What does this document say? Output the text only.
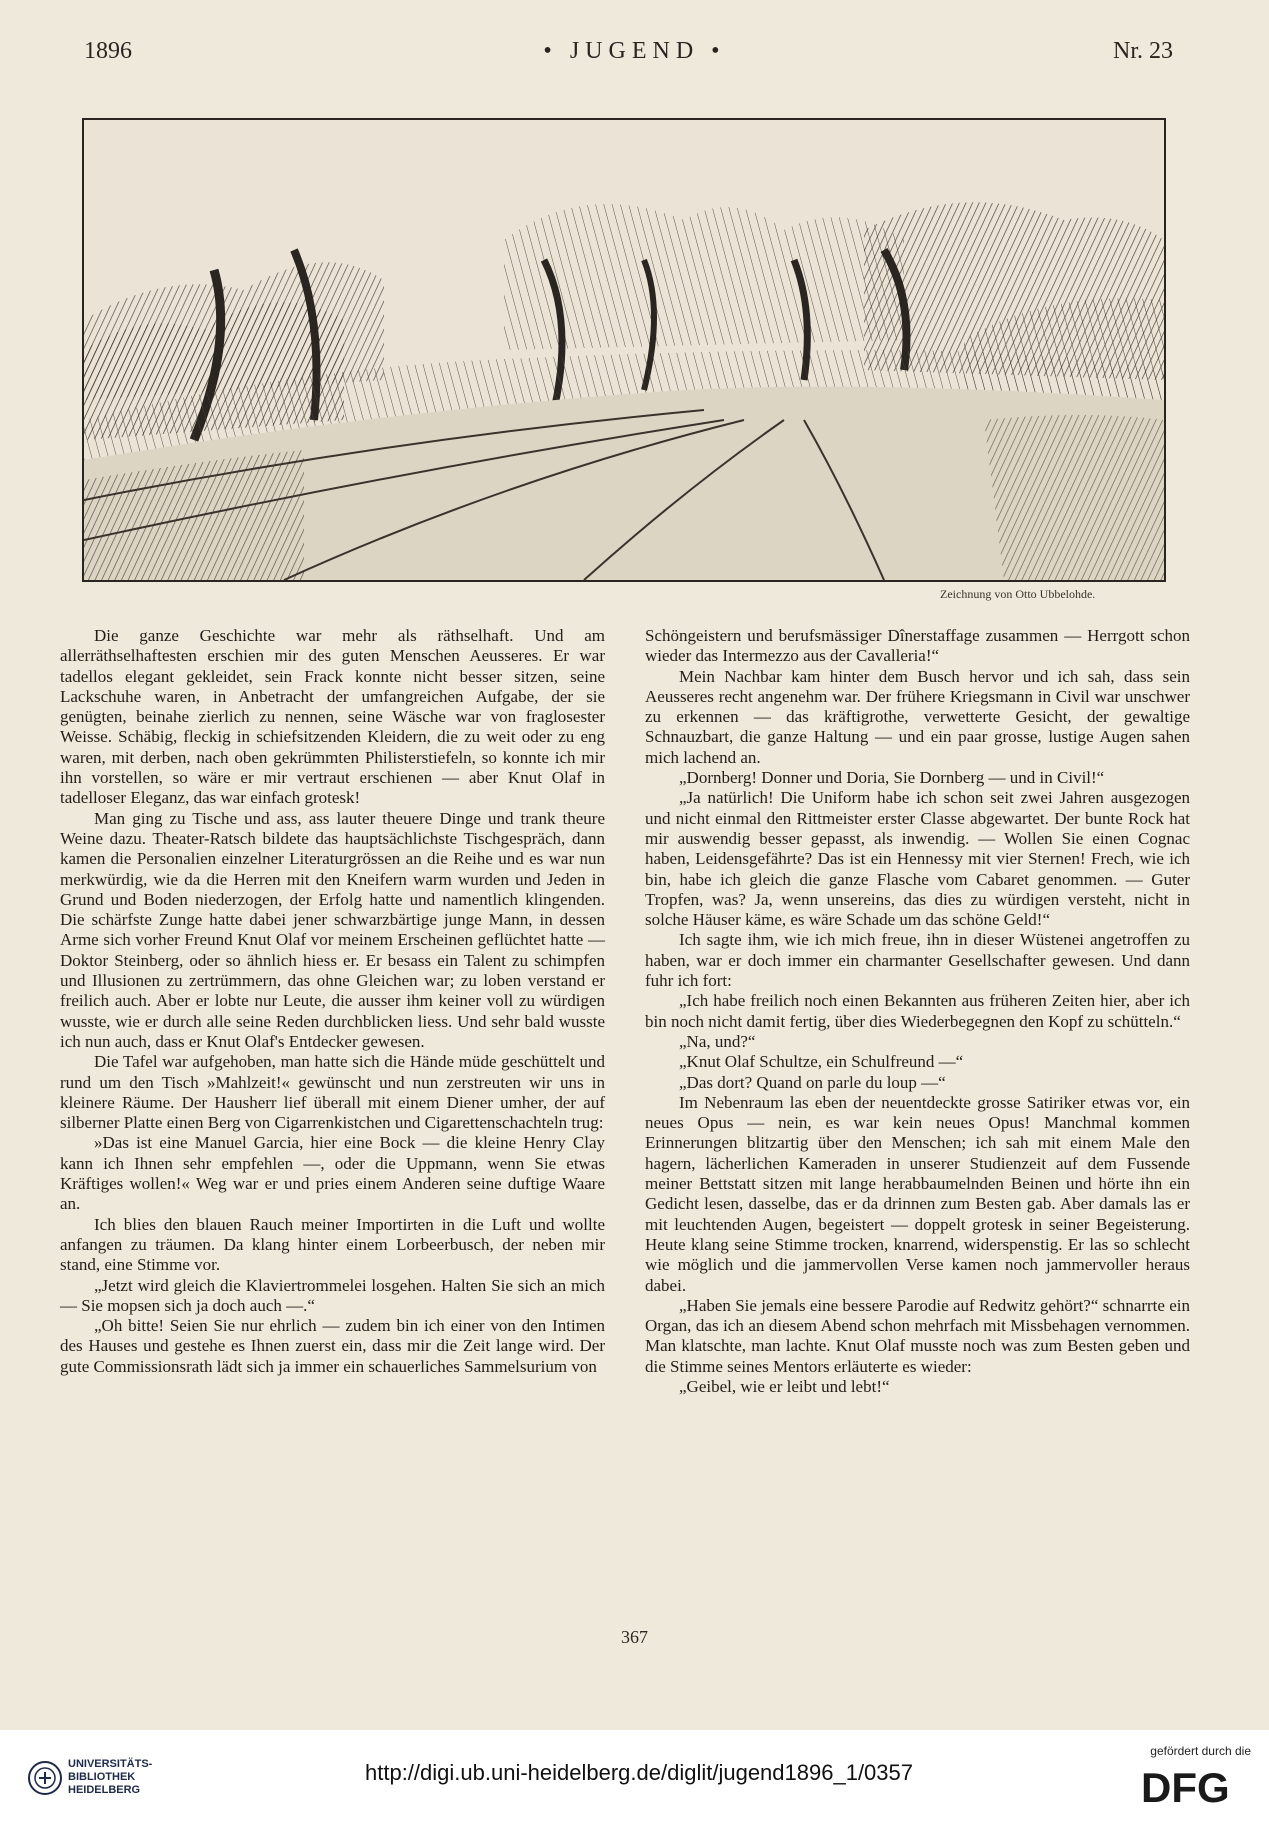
1896	• JUGEND •	Nr. 23
Zeichnung von Otto Ubbelohde.

Die ganze Geschichte war mehr als räthselhaft. Und am allerräthselhaftesten erschien mir des guten Menschen Aeusseres. Er war tadellos elegant gekleidet, sein Frack konnte nicht besser sitzen, seine Lackschuhe waren, in Anbetracht der umfangreichen Aufgabe, der sie genügten, beinahe zierlich zu nennen, seine Wäsche war von fraglosester Weisse. Schäbig, fleckig in schiefsitzenden Kleidern, die zu weit oder zu eng waren, mit derben, nach oben gekrümmten Philisterstiefeln, so konnte ich mir ihn vorstellen, so wäre er mir vertraut erschienen — aber Knut Olaf in tadelloser Eleganz, das war einfach grotesk!

Man ging zu Tische und ass, ass lauter theuere Dinge und trank theure Weine dazu. Theater-Ratsch bildete das hauptsächlichste Tischgespräch, dann kamen die Personalien einzelner Literaturgrössen an die Reihe und es war nun merkwürdig, wie da die Herren mit den Kneifern warm wurden und Jeden in Grund und Boden niederzogen, der Erfolg hatte und namentlich klingenden. Die schärfste Zunge hatte dabei jener schwarzbärtige junge Mann, in dessen Arme sich vorher Freund Knut Olaf vor meinem Erscheinen geflüchtet hatte — Doktor Steinberg, oder so ähnlich hiess er. Er besass ein Talent zu schimpfen und Illusionen zu zertrümmern, das ohne Gleichen war; zu loben verstand er freilich auch. Aber er lobte nur Leute, die ausser ihm keiner voll zu würdigen wusste, wie er durch alle seine Reden durchblicken liess. Und sehr bald wusste ich nun auch, dass er Knut Olaf's Entdecker gewesen.

Die Tafel war aufgehoben, man hatte sich die Hände müde geschüttelt und rund um den Tisch »Mahlzeit!« gewünscht und nun zerstreuten wir uns in kleinere Räume. Der Hausherr lief überall mit einem Diener umher, der auf silberner Platte einen Berg von Cigarrenkistchen und Cigarettenschachteln trug:

»Das ist eine Manuel Garcia, hier eine Bock — die kleine Henry Clay kann ich Ihnen sehr empfehlen —, oder die Uppmann, wenn Sie etwas Kräftiges wollen!« Weg war er und pries einem Anderen seine duftige Waare an.

Ich blies den blauen Rauch meiner Importirten in die Luft und wollte anfangen zu träumen. Da klang hinter einem Lorbeerbusch, der neben mir stand, eine Stimme vor.

„Jetzt wird gleich die Klaviertrommelei losgehen. Halten Sie sich an mich — Sie mopsen sich ja doch auch —.“

„Oh bitte! Seien Sie nur ehrlich — zudem bin ich einer von den Intimen des Hauses und gestehe es Ihnen zuerst ein, dass mir die Zeit lange wird. Der gute Commissionsrath lädt sich ja immer ein schauerliches Sammelsurium von

Schöngeistern und berufsmässiger Dînerstaffage zusammen — Herrgott schon wieder das Intermezzo aus der Cavalleria!“

Mein Nachbar kam hinter dem Busch hervor und ich sah, dass sein Aeusseres recht angenehm war. Der frühere Kriegsmann in Civil war unschwer zu erkennen — das kräftigrothe, verwetterte Gesicht, der gewaltige Schnauzbart, die ganze Haltung — und ein paar grosse, lustige Augen sahen mich lachend an.

„Dornberg! Donner und Doria, Sie Dornberg — und in Civil!“

„Ja natürlich! Die Uniform habe ich schon seit zwei Jahren ausgezogen und nicht einmal den Rittmeister erster Classe abgewartet. Der bunte Rock hat mir auswendig besser gepasst, als inwendig. — Wollen Sie einen Cognac haben, Leidensgefährte? Das ist ein Hennessy mit vier Sternen! Frech, wie ich bin, habe ich gleich die ganze Flasche vom Cabaret genommen. — Guter Tropfen, was? Ja, wenn unsereins, das dies zu würdigen versteht, nicht in solche Häuser käme, es wäre Schade um das schöne Geld!“

Ich sagte ihm, wie ich mich freue, ihn in dieser Wüstenei angetroffen zu haben, war er doch immer ein charmanter Gesellschafter gewesen. Und dann fuhr ich fort:

„Ich habe freilich noch einen Bekannten aus früheren Zeiten hier, aber ich bin noch nicht damit fertig, über dies Wiederbegegnen den Kopf zu schütteln.“

„Na, und?“

„Knut Olaf Schultze, ein Schulfreund —“

„Das dort? Quand on parle du loup —“

Im Nebenraum las eben der neuentdeckte grosse Satiriker etwas vor, ein neues Opus — nein, es war kein neues Opus! Manchmal kommen Erinnerungen blitzartig über den Menschen; ich sah mit einem Male den hagern, lächerlichen Kameraden in unserer Studienzeit auf dem Fussende meiner Bettstatt sitzen mit lange herabbaumelnden Beinen und hörte ihn ein Gedicht lesen, dasselbe, das er da drinnen zum Besten gab. Aber damals las er mit leuchtenden Augen, begeistert — doppelt grotesk in seiner Begeisterung. Heute klang seine Stimme trocken, knarrend, widerspenstig. Er las so schlecht wie möglich und die jammervollen Verse kamen noch jammervoller heraus dabei.

„Haben Sie jemals eine bessere Parodie auf Redwitz gehört?“ schnarrte ein Organ, das ich an diesem Abend schon mehrfach mit Missbehagen vernommen. Man klatschte, man lachte. Knut Olaf musste noch was zum Besten geben und die Stimme seines Mentors erläuterte es wieder:

„Geibel, wie er leibt und lebt!“

367
UNIVERSITÄTS-
BIBLIOTHEK
HEIDELBERG
http://digi.ub.uni-heidelberg.de/diglit/jugend1896_1/0357
gefördert durch die
DFG
